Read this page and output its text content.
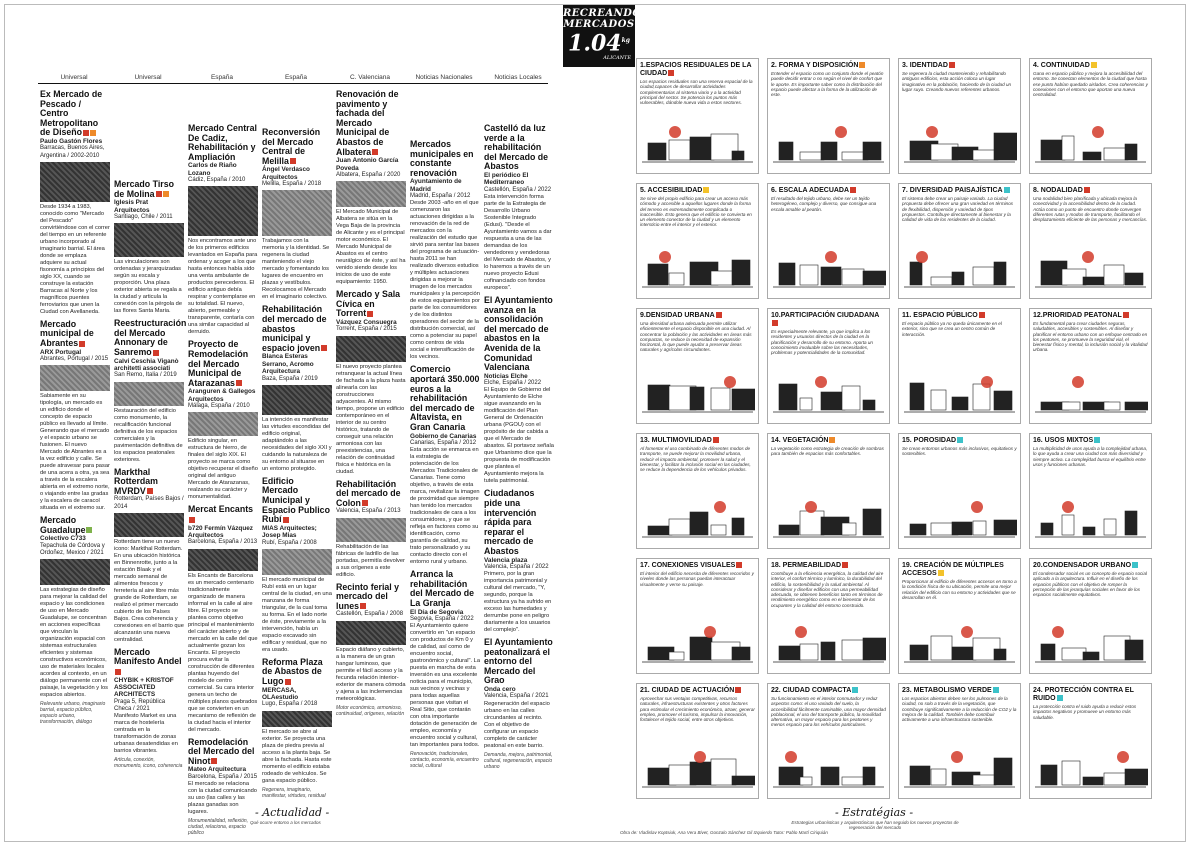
RECREANDO
MERCADOS
$1.04^{kg}$
ALICANTE
Universal	Universal	España	España	C. Valenciana	Noticias Nacionales	Noticias Locales
Ex Mercado de Pescado / Centro Metropolitano de Diseño
Paulo Gastón Flores
Barracas, Buenos Aires, Argentina / 2002-2010
Desde 1934 a 1983, conocido como "Mercado del Pescado" convirtiéndose con el correr del tiempo en un referente urbano incorporado al imaginario barrial. El área donde se emplaza adquiere su actual fisonomía a principios del siglo XX, cuando se construye la estación Barracas al Norte y los magníficos puentes ferroviarios que unen la Ciudad con Avellaneda.
Mercado municipal de Abrantes
ARX Portugal
Abrantes, Portugal / 2015
Sabiamente en su tipología, un mercado es un edificio donde el concepto de espacio público es llevado al límite. Generando que el mercado y el espacio urbano se fusionen. El nuevo Mercado de Abrantes es a la vez edificio y calle. Se puede atravesar para pasar de una acera a otra, ya sea a través de la escalera abierta en el extremo norte, o viajando entre las gradas y la escalera de caracol situada en el extremo sur.
Mercado Guadalupe
Colectivo C733
Tepachula de Córdova y Ordoñez, Mexico / 2021
Las estrategias de diseño para mejorar la calidad del espacio y las condiciones de uso en Mercado Guadalupe, se concentran en acciones específicas que vinculan la organización espacial con sistemas estructurales eficientes y sistemas constructivos económicos, uso de materiales locales acordes al contexto, en un diálogo permanente con el paisaje, la vegetación y los espacios abiertos.
Relevante urbano, imaginario barrial, espacio público, espacio urbano, transformación, diálogo
Mercado Tirso de Molina
Iglesis Prat Arquitectos
Santiago, Chile / 2011
Las vinculaciones son ordenadas y jerarquizadas según su escala y proporción. Una plaza exterior abierta se regala a la ciudad y articula la conexión con la pérgola de las flores Santa Maria.
Reestructuración del Mercado Annonary de Sanremo
Calvi Ceschia Viganò architetti associati
San Remo, Italia / 2019
Restauración del edificio como monumento, la recalificación funcional definitiva de los espacios comerciales y la pavimentación definitiva de los espacios peatonales exteriores.
Markthal Rotterdam MVRDV
Rotterdam, Países Bajos / 2014
Rotterdam tiene un nuevo icono: Markthal Rotterdam. En una ubicación histórica en Binnenrotte, junto a la estación Blaak y el mercado semanal de alimentos frescos y ferretería al aire libre más grande de Rotterdam, se realizó el primer mercado cubierto de los Países Bajos. Crea coherencia y conexiones en el barrio que alcanzarán una nueva centralidad.
Mercado Manifesto Andel
CHYBIK + KRISTOF ASSOCIATED ARCHITECTS
Praga 5, República Checa / 2021
Manifesto Market es una marca de hostelería centrada en la transformación de zonas urbanas desatendidas en barrios vibrantes.
Articula, conexión, monumento, icono, coherencia
Mercado Central De Cadiz, Rehabilitación y Ampliación
Carlos de Riaño Lozano
Cádiz, España / 2010
Nos encontramos ante uno de los primeros edificios levantados en España para ordenar y acoger a los que hasta entonces había sido una venta ambulante de productos perecederos. El edificio antiguo debía respirar y contemplarse en su totalidad. El nuevo, abierto, permeable y transparente, contaría con una similar capacidad al derruido.
Proyecto de Remodelación del Mercado Municipal de Atarazanas
Aranguren & Gallegos Arquitectos
Málaga, España / 2010
Edificio singular, en estructura de hierro, de finales del siglo XIX. El proyecto se marca como objetivo recuperar el diseño original del antiguo Mercado de Atarazanas, realzando su carácter y monumentalidad.
Mercat Encants
b720 Fermín Vázquez Arquitectos
Barcelona, España / 2013
Els Encants de Barcelona es un mercado centenario tradicionalmente organizado de manera informal en la calle al aire libre. El proyecto se plantea como objetivo principal el mantenimiento del carácter abierto y de mercado en la calle del que actualmente gozan los Encants. El proyecto procura evitar la construcción de diferentes plantas huyendo del modelo de centro comercial. Su cara interior genera un techo de múltiples planos quebrados que se convierten en un mecanismo de reflexión de la ciudad hacia el interior del mercado.
Remodelación del Mercado del Ninot
Mateo Arquitectura
Barcelona, España / 2015
El mercado se relaciona con la ciudad comunicando su uso (las calles y las plazas ganadas son lugares.
Monumentalidad, reflexión, ciudad, relaciona, espacio público
Reconversión del Mercado Central de Melilla
Ángel Verdasco Arquitectos
Melilla, España / 2018
Trabajamos con la memoria y la identidad. Se regenera la ciudad manteniendo el viejo mercado y fomentando los lugares de encuentro en plazas y vestíbulos. Recolocamos el Mercado en el imaginario colectivo.
Rehabilitación del mercado de abastos municipal y espacio joven
Blanca Esteras Serrano, Acromo Arquitectura
Baza, España / 2019
La intención es manifestar las virtudes escondidas del edificio original, adaptándolo a las necesidades del siglo XXI y cuidando la naturaleza de su entorno al situarse en un entorno protegido.
Edificio Mercado Municipal y Espacio Publico Rubí
MIAS Arquitectes; Josep Mias
Rubí, España / 2008
El mercado municipal de Rubí está en un lugar central de la ciudad, en una manzana de forma triangular, de la cual toma su forma. En el lado norte de éste, previamente a la intervención, había un espacio excavado sin edificar y residual, que no era usado.
Reforma Plaza de Abastos de Lugo
MERCASA, OLAestudio
Lugo, España / 2018
El mercado se abre al exterior. Se proyecta una plaza de piedra previa al acceso a la planta baja. Se abre la fachada. Hasta este momento el edificio estaba rodeado de vehículos. Se gana espacio público.
Regenera, imaginario, manifestar, virtudes, residual
Renovación de pavimento y fachada del Mercado Municipal de Abastos de Albatera
Juan Antonio García Poveda
Albatera, España / 2020
El Mercado Municipal de Albatera se sitúa en la Vega Baja de la provincia de Alicante y es el principal motor económico. El Mercado Municipal de Abastos es el centro neurálgico de éste, y así ha venido siendo desde los inicios de uso de este equipamiento: 1950.
Mercado y Sala Cívica en Torrent
Vázquez Consuegra
Torrent, España / 2015
El nuevo proyecto plantea retranquear la actual línea de fachada a la plaza hasta alinearla con las construcciones adyacentes. Al mismo tiempo, propone un edificio contemporáneo en el interior de su centro histórico, tratando de conseguir una relación armoniosa con las preexistencias, una relación de continuidad física e histórica en la ciudad.
Rehabilitación del mercado de Colon
Valencia, España / 2013
Rehabilitación de las fábricas de ladrillo de las portadas, permitía devolver a sus orígenes a este edificio.
Recinto ferial y mercado del lunes
Castellón, España / 2008
Espacio diáfano y cubierto, a la manera de un gran hangar luminoso, que permite el fácil acceso y la fecunda relación interior-exterior de manera cómoda y ajena a las inclemencias meteorológicas.
Motor económico, armonioso, continuidad, orígenes, relación
Mercados municipales en constante renovación
Ayuntamiento de Madrid
Madrid, España / 2012
Desde 2003 -año en el que comenzaron las actuaciones dirigidas a la renovación de la red de mercados con la realización del estudio que sirvió para sentar las bases del programa de actuación- hasta 2011 se han realizado diversos estudios y múltiples actuaciones dirigidas a mejorar la imagen de los mercados municipales y la percepción de estos equipamientos por parte de los consumidores y de los distintos operadores del sector de la distribución comercial, así como a potenciar su papel como centros de vida social e intensificación de los vecinos.
Comercio aportará 350.000 euros a la rehabilitación del mercado de Altavista, en Gran Canaria
Gobierno de Canarias
Canarias, España / 2012
Esta acción se enmarca en la estrategia de potenciación de los Mercados Tradicionales de Canarias. Tiene como objetivo, a través de esta marca, revitalizar la imagen de proximidad que siempre han tenido los mercados tradicionales de cara a los consumidores, y que se refleja en factores como su identificación, como garantía de calidad, su trato personalizado y su contacto directo con el entorno rural y urbano.
Arranca la rehabilitación del Mercado de La Granja
El Día de Segovia
Segovia, España / 2022
El Ayuntamiento quiere convertirlo en "un espacio con productos de Km 0 y de calidad, así como de encuentro social, gastronómico y cultural". La puesta en marcha de esta inversión es una excelente noticia para el municipio, sus vecinos y vecinas y para todas aquellas personas que visitan el Real Sitio, que contarán con otra importante dotación de generación de empleo, economía y encuentro social y cultural, tan importantes para todos.
Renovación, tradicionales, contacto, economía, encuentro social, cultural
Castelló da luz verde a la rehabilitación del Mercado de Abastos
El periódico El Mediterraneo
Castellón, España / 2022
Esta intervención forma parte de la Estrategia de Desarrollo Urbano Sostenible Integrado (Edusi). "Desde el Ayuntamiento vamos a dar respuesta a una de las demandas de los vendedores y vendedoras del Mercado de Abastos, y lo haremos a través de un nuevo proyecto Edusi cofinanciado con fondos europeos".
El Ayuntamiento avanza en la consolidación del mercado de abastos en la Avenida de la Comunidad Valenciana
Noticias Elche
Elche, España / 2022
El Equipo de Gobierno del Ayuntamiento de Elche sigue avanzando en la modificación del Plan General de Ordenación urbana (PGOU) con el propósito de dar cabida a que el Mercado de abastos. Él portavoz señala que Urbanismo dice que la propuesta de modificación que plantea el Ayuntamiento mejora la tutela patrimonial.
Ciudadanos pide una intervención rápida para reparar el mercado de Abastos
Valencia plaza
Valencia, España / 2022
Primero, por la gran importancia patrimonial y cultural del mercado, "Y, segundo, porque la estructura ya ha sufrido en exceso las humedades y derrumbe pone en peligro diariamente a los usuarios del complejo".
El Ayuntamiento peatonalizará el entorno del Mercado del Grao
Onda cero
Valencia, España / 2021
Regeneración del espacio urbano en las calles circundantes al recinto. Con el objetivo de configurar un espacio completo de carácter peatonal en este barrio.
Demanda, mejora, patrimonial, cultural, regeneración, espacio urbano
- Actualidad -
Qué ocurre entorno a los mercados
- Estratégias -
Estrategias urbanísticas y arquitectónicas que han seguido los nuevos proyectos de regeneración del mercado
Obra de: Vladislav Koptsiuk, Ana Vera Bivet, Gonzalo Sánchez Gil Izquierdo Tutor: Pablo Martí Ciriquián
1.ESPACIOS RESIDUALES DE LA CIUDAD
Los espacios residuales son una reserva espacial de la ciudad,capaces de desarrollar actividades complementarias al sistema viario y a la actividad principal del sector. Se potencia los puntos más vulnerables, dándole nueva vida a estos sectores.
2. FORMA Y DISPOSICIÓN
Entender el espacio como un conjunto donde el peatón puede decidir entrar o no según el nivel de confort que le aporte. Es importante saber como la distribución del espacio puede afectar a la forma de la utilización de este.
3. IDENTIDAD
Se regenera la ciudad manteniendo y rehabilitando antiguos edificios, esta acción coloca un lugar imaginativo en la población, haciendo de la ciudad un lugar suyo. Creando nuevos referentes urbanos.
4. CONTINUIDAD
Gana en espacio público y mejora la accesibilidad del entorno. Se conectan elementos de la ciudad que hasta ese punto habían quedado aislados. Crea coherencias y conexiones con el entorno que aportan una nueva centralidad.
5. ACCESIBILIDAD
Se sirve del propio edificio para crear un acceso más cómodo y accesible a aquellos lugares donde la forma del terreno es extremadamente complicada o inaccesible. Esto genera que el edificio se convierta en un elemento conector de la ciudad y un elemento intersticio entre el interior y el exterior.
6. ESCALA ADECUADA
El resultado del tejido urbano, debe ser un tejido heterogéneo, complejo y diverso, que consigue una escala amable al peatón.
7. DIVERSIDAD PAISAJÍSTICA
El sistema debe crear un paisaje variado. La ciudad propuesta debe ofrecer una gran variedad en términos de flexibilidad, dispersión y variedad de tipos propuestos. Contribuye directamente al bienestar y la calidad de vida de los residentes de la ciudad.
8. NODALIDAD
Una nodalidad bien planificada y ubicada mejora la conectividad y la accesibilidad dentro de la ciudad. Actúa como un punto de encuentro donde convergen diferentes rutas y modos de transporte, facilitando el desplazamiento eficiente de las personas y mercancías.
9.DENSIDAD URBANA
Una densidad urbana adecuada permite utilizar eficientemente el espacio disponible en una ciudad. Al concentrar la población y las actividades en áreas más compactas, se reduce la necesidad de expansión horizontal, lo que puede ayudar a preservar áreas naturales y agrícolas circundantes.
10.PARTICIPACIÓN CIUDADANA
Es especialmente relevante, ya que implica a los residentes y usuarios directos de la ciudad en la planificación y desarrollo de su entorno. Aporta un conocimiento invaluable sobre las necesidades, problemas y potencialidades de la comunidad.
11. ESPACIO PÚBLICO
El espacio público ya no queda únicamente en el exterior, sino que se crea un centro común de interacción.
12.PRIORIDAD PEATONAL
Es fundamental para crear ciudades seguras, saludables, accesibles y sostenibles. Al diseñar y planificar el entorno urbano con un enfoque centrado en los peatones, se promueve la seguridad vial, el bienestar físico y mental, la inclusión social y la vitalidad urbana.
13. MULTIMOVILIDAD
Al fomentar el uso combinado de diferentes modos de transporte, se puede mejorar la movilidad urbana, reducir el impacto ambiental, promover la salud y el bienestar, y facilitar la inclusión social en las ciudades, se reduce la dependencia de los vehículos privados.
14. VEGETACIÓN
La vegetación como estrategia de creación de sombras para también de espacios más confortables.
15. POROSIDAD
Se crean entornos urbanos más inclusivos, equitativos y sostenibles.
16. USOS MIXTOS
La multiplicidad de usos ayuda a la complejidad urbana, lo que ayuda a crear una ciudad con más diversidad y siempre activa. La complejidad busca el equilibrio entre usos y funciones urbanas.
17. CONEXIONES VISUALES
El interior del edificio necesita de diferentes recorridos y niveles donde las personas puedan interactuar visualmente y verse su paisaje.
18. PERMEABILIDAD
Contribuye a la eficiencia energética, la calidad del aire interior, el confort térmico y lumínico, la durabilidad del edificio, la sostenibilidad y la salud ambiental. Al considerar y diseñar edificios con una permeabilidad adecuada, se obtienen beneficios tanto en términos de rendimiento energético como en el bienestar de los ocupantes y la calidad del entorno construido.
19. CREACIÓN DE MÚLTIPLES ACCESOS
Proporcionar al edificio de diferentes accesos en torno a la condición física de su ubicación, permite una mejor relación del edificio con su entorno y actividades que se desarrollan en él.
20.CONDENSADOR URBANO
El condensador social es un concepto de espacio social aplicado a la arquitectura. Influir en el diseño de los espacios públicos con el objetivo de romper la percepción de las jerarquías sociales en favor de los espacios socialmente equitativos.
21. CIUDAD DE ACTUACIÓN
Aprovechar sus ventajas competitivas, recursos naturales, infraestructuras existentes y otros factores para estimular el crecimiento económico, atraer, generar empleo, promover el turismo, impulsar la innovación, fortalecer el tejido social, entre otros objetivos.
22. CIUDAD COMPACTA
Su funcionamiento en el interior conmutador y reduz aspectos como: el uso variado del suelo, la accesibilidad fácilmente caminable, una mayor densidad poblacional, el uso del transporte público, la movilidad alternativa, un mayor espacio para los peatones y menos espacio para los vehículos particulares.
23. METABOLISMO VERDE
Los espacios abiertos deben ser los pulmones de la ciudad, no solo a través de la vegetación, que contribuye significativamente a la reducción de CO2 y la mejora de la calidad. También debe contribuir activamente a una infraestructura sostenible.
24. PROTECCIÓN CONTRA EL RUIDO
La protección contra el ruido ayuda a reducir estos impactos negativos y promueve un entorno más saludable.
